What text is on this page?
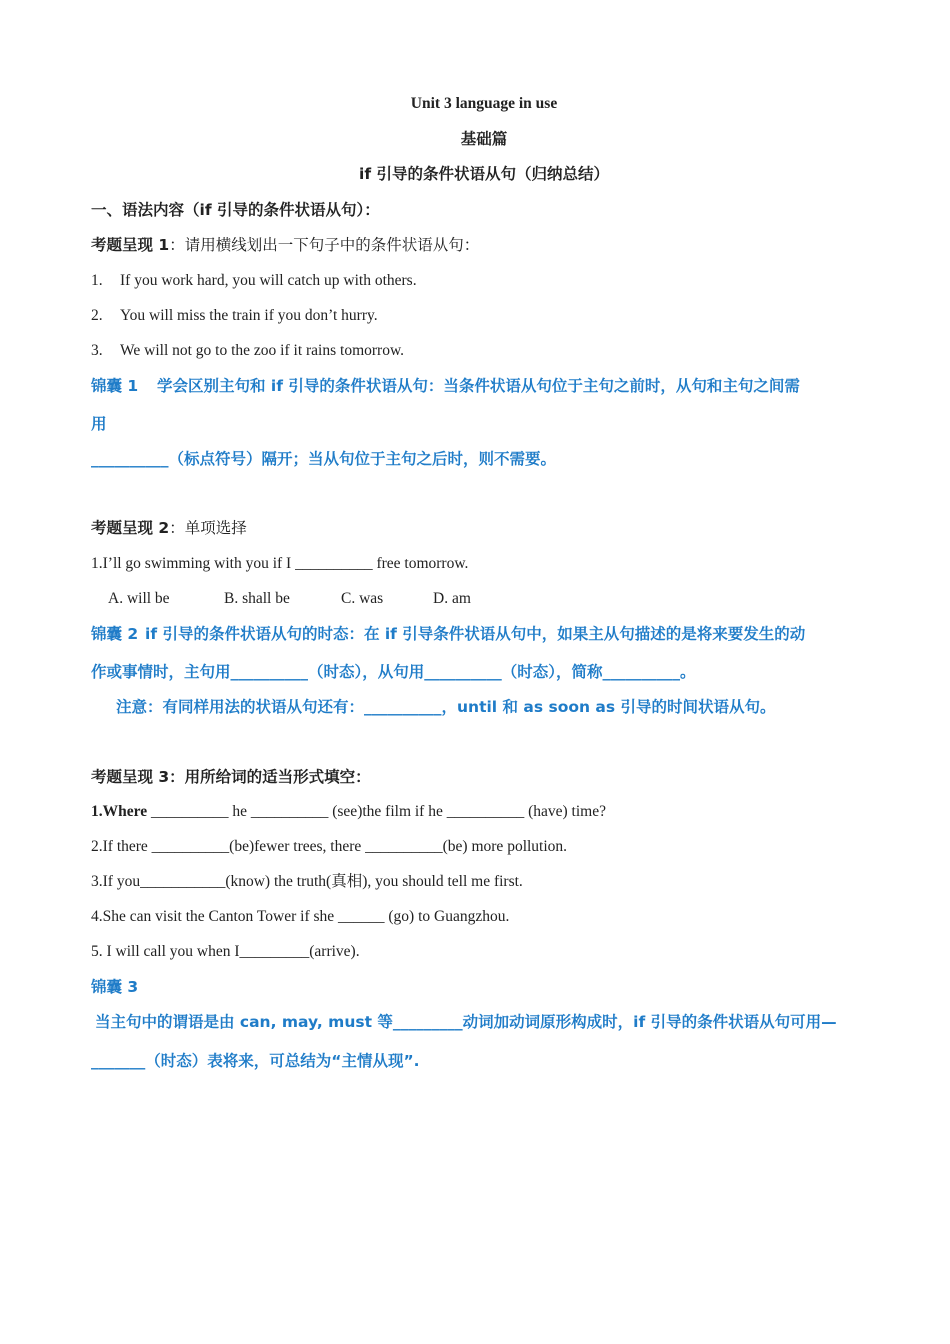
Unit 3 language in use
基础篇
if 引导的条件状语从句（归纳总结）
一、语法内容（if 引导的条件状语从句）：
考题呈现 1：请用横线划出一下句子中的条件状语从句：
1. If you work hard, you will catch up with others.
2. You will miss the train if you don’t hurry.
3. We will not go to the zoo if it rains tomorrow.
锦囊 1 学会区别主句和 if 引导的条件状语从句：当条件状语从句位于主句之前时，从句和主句之间需
用
__________（标点符号）隔开；当从句位于主句之后时，则不需要。
考题呈现 2：单项选择
1.I’ll go swimming with you if I __________ free tomorrow.
A. will be	B. shall be	C. was	D. am
锦囊 2 if 引导的条件状语从句的时态：在 if 引导条件状语从句中，如果主从句描述的是将来要发生的动
作或事情时，主句用__________（时态），从句用__________（时态），简称__________。
注意：有同样用法的状语从句还有：__________，until 和 as soon as 引导的时间状语从句。
考题呈现 3：用所给词的适当形式填空：
1.Where __________ he __________ (see)the film if he __________ (have) time?
2.If there __________(be)fewer trees, there __________(be) more pollution.
3.If you___________(know) the truth(真相), you should tell me first.
4.She can visit the Canton Tower if she ______ (go) to Guangzhou.
5. I will call you when I_________(arrive).
锦囊 3
当主句中的谓语是由 can, may, must 等_________动词加动词原形构成时，if 引导的条件状语从句可用—
_______（时态）表将来，可总结为“主情从现”.
